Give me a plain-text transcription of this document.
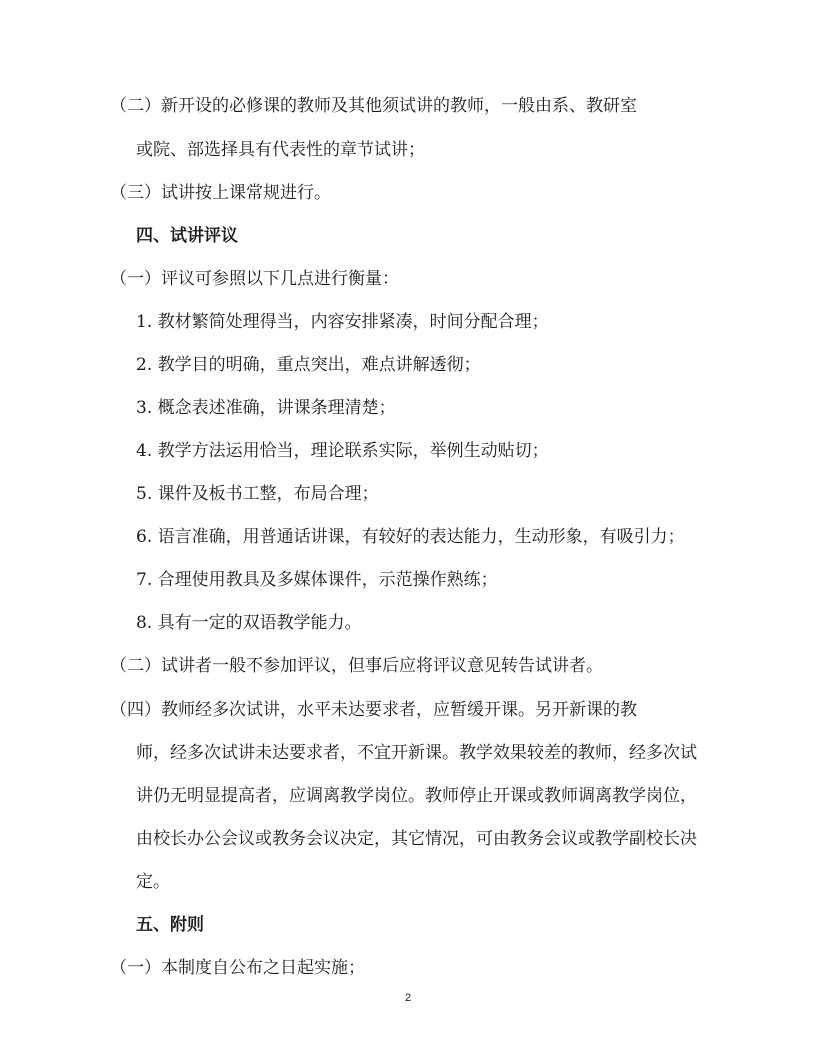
（二）新开设的必修课的教师及其他须试讲的教师，一般由系、教研室
或院、部选择具有代表性的章节试讲；
（三）试讲按上课常规进行。
四、试讲评议
（一）评议可参照以下几点进行衡量：
1. 教材繁简处理得当，内容安排紧凑，时间分配合理；
2. 教学目的明确，重点突出，难点讲解透彻；
3. 概念表述准确，讲课条理清楚；
4. 教学方法运用恰当，理论联系实际，举例生动贴切；
5. 课件及板书工整，布局合理；
6. 语言准确，用普通话讲课，有较好的表达能力，生动形象，有吸引力；
7. 合理使用教具及多媒体课件，示范操作熟练；
8. 具有一定的双语教学能力。
（二）试讲者一般不参加评议，但事后应将评议意见转告试讲者。
（四）教师经多次试讲，水平未达要求者，应暂缓开课。另开新课的教
师，经多次试讲未达要求者，不宜开新课。教学效果较差的教师，经多次试
讲仍无明显提高者，应调离教学岗位。教师停止开课或教师调离教学岗位，
由校长办公会议或教务会议决定，其它情况，可由教务会议或教学副校长决
定。
五、附则
（一）本制度自公布之日起实施；
2
